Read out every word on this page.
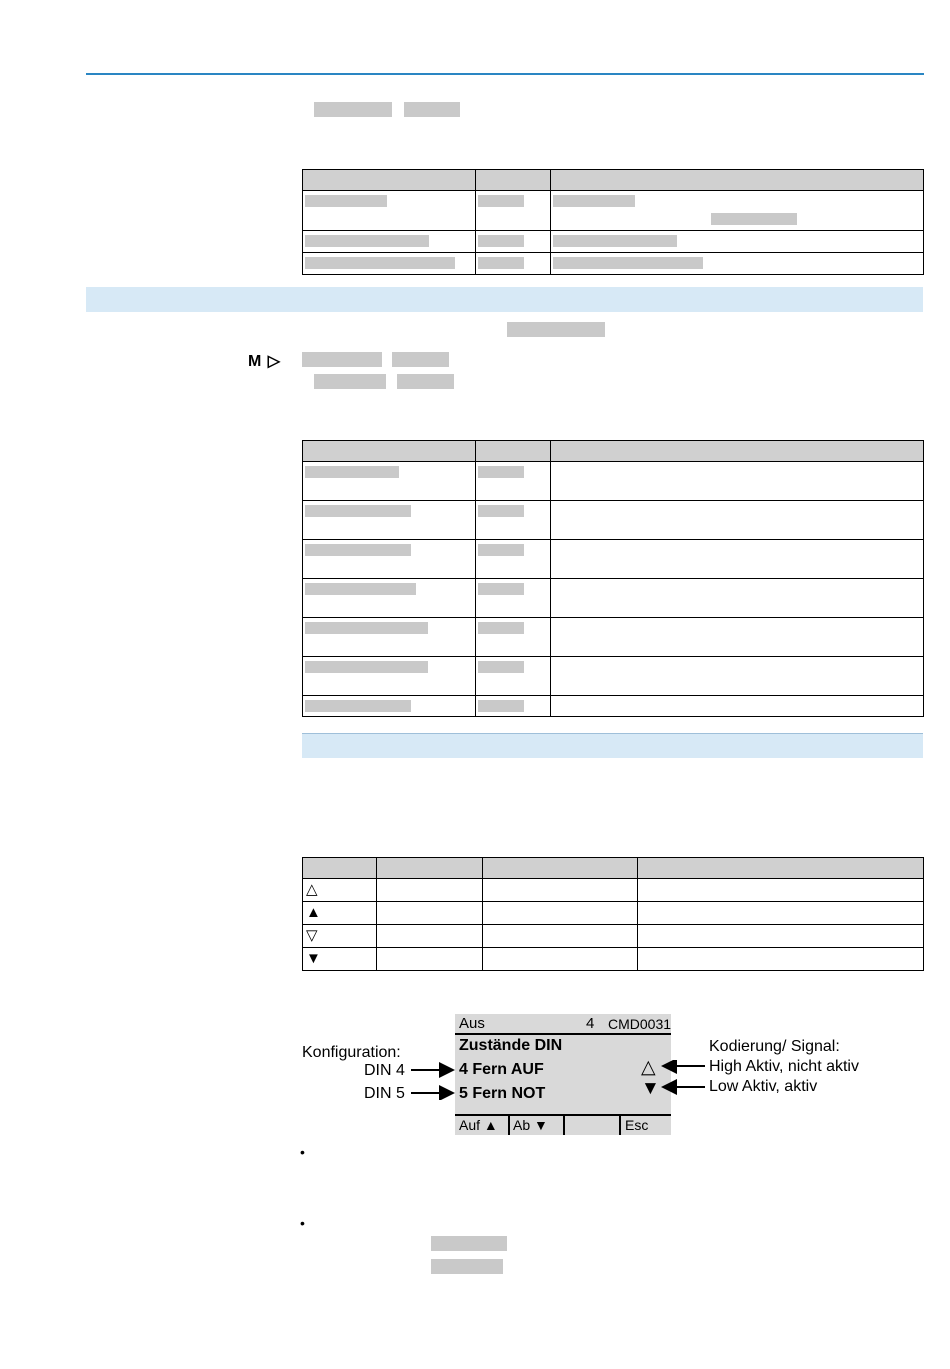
M ▷

△			
▲			
▽			
▼			
Aus	4 CMD0031
Zustände DIN
4 Fern AUF	△
5 Fern NOT	▼
Auf ▲ Ab ▼	Esc
Konfiguration:
DIN 4
DIN 5
Kodierung/ Signal:
High Aktiv, nicht aktiv
Low Aktiv, aktiv
•
•
